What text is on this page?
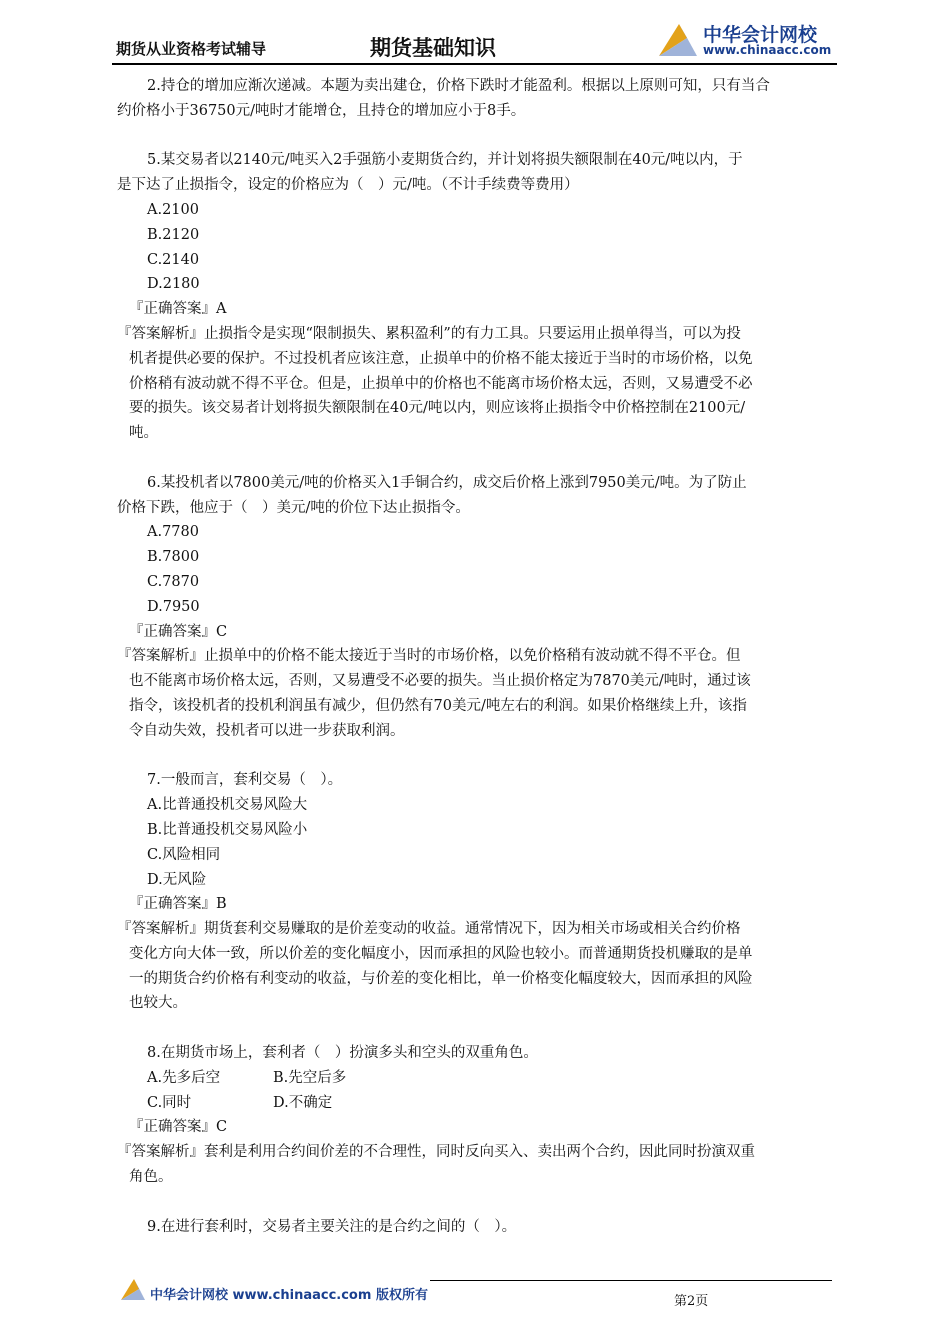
期货从业资格考试辅导	期货基础知识
中华会计网校
www.chinaacc.com

2.持仓的增加应渐次递减。本题为卖出建仓，价格下跌时才能盈利。根据以上原则可知，只有当合

约价格小于36750元/吨时才能增仓，且持仓的增加应小于8手。

5.某交易者以2140元/吨买入2手强筋小麦期货合约，并计划将损失额限制在40元/吨以内，于

是下达了止损指令，设定的价格应为（　）元/吨。（不计手续费等费用）

A.2100

B.2120

C.2140

D.2180

『正确答案』A

『答案解析』止损指令是实现“限制损失、累积盈利”的有力工具。只要运用止损单得当，可以为投

机者提供必要的保护。不过投机者应该注意，止损单中的价格不能太接近于当时的市场价格，以免

价格稍有波动就不得不平仓。但是，止损单中的价格也不能离市场价格太远，否则，又易遭受不必

要的损失。该交易者计划将损失额限制在40元/吨以内，则应该将止损指令中价格控制在2100元/

吨。

6.某投机者以7800美元/吨的价格买入1手铜合约，成交后价格上涨到7950美元/吨。为了防止

价格下跌，他应于（　）美元/吨的价位下达止损指令。

A.7780

B.7800

C.7870

D.7950

『正确答案』C

『答案解析』止损单中的价格不能太接近于当时的市场价格，以免价格稍有波动就不得不平仓。但

也不能离市场价格太远，否则，又易遭受不必要的损失。当止损价格定为7870美元/吨时，通过该

指令，该投机者的投机利润虽有减少，但仍然有70美元/吨左右的利润。如果价格继续上升，该指

令自动失效，投机者可以进一步获取利润。

7.一般而言，套利交易（　）。

A.比普通投机交易风险大

B.比普通投机交易风险小

C.风险相同

D.无风险

『正确答案』B

『答案解析』期货套利交易赚取的是价差变动的收益。通常情况下，因为相关市场或相关合约价格

变化方向大体一致，所以价差的变化幅度小，因而承担的风险也较小。而普通期货投机赚取的是单

一的期货合约价格有利变动的收益，与价差的变化相比，单一价格变化幅度较大，因而承担的风险

也较大。

8.在期货市场上，套利者（　）扮演多头和空头的双重角色。

A.先多后空	B.先空后多
C.同时	D.不确定

『正确答案』C

『答案解析』套利是利用合约间价差的不合理性，同时反向买入、卖出两个合约，因此同时扮演双重

角色。

9.在进行套利时，交易者主要关注的是合约之间的（　）。

中华会计网校 www.chinaacc.com 版权所有	第2页
